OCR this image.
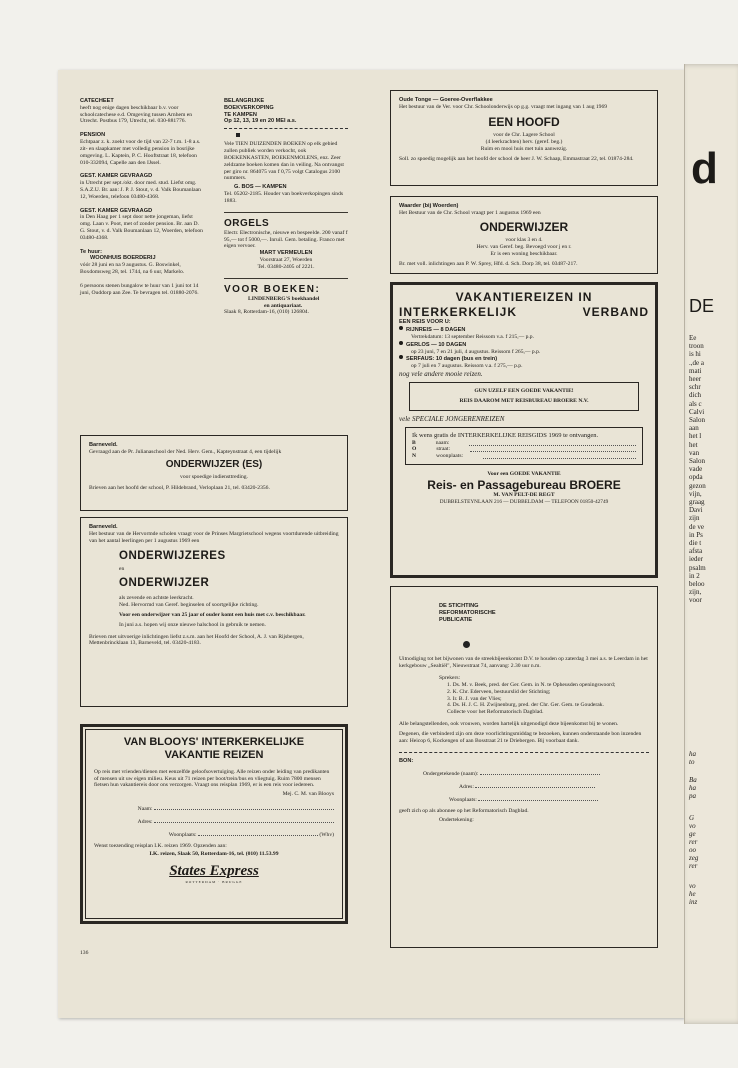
CATECHEET
heeft nog enige dagen beschikbaar b.v. voor schoolcatechese e.d. Omgeving tussen Arnhem en Utrecht. Postbus 179, Utrecht, tel. 030-881776.
PENSION
Echtpaar z. k. zoekt voor de tijd van 22-7 t.m. 1-8 a.s. zit- en slaapkamer met volledig pension in bosrijke omgeving. L. Kaptein, P. C. Hooftstraat 18, telefoon 010-332094, Capelle aan den IJssel.
GEST. KAMER GEVRAAGD
in Utrecht per sept./okt. door med. stud. Liefst omg. S.A.Z.U. Br. aan: J. P. J. Stout, v. d. Valk Boumanlaan 12, Woerden, telefoon 03480-4368.
GEST. KAMER GEVRAAGD
in Den Haag per 1 sept door nette jongeman, liefst omg. Laan v. Poot, met of zonder pension. Br. aan D. G. Stout, v. d. Valk Boumanlaan 12, Woerden, telefoon 03480-4368.
Te huur:
WOONHUIS BOERDERIJ
vóór 28 juni en na 9 augustus. G. Boswinkel, Boxdomsweg 28, tel. 1744, na 6 uur, Markelo.
6 persoons stenen bungalow te huur van 1 juni tot 14 juni, Ouddorp aan Zee. Te bevragen tel. 01880-2076.
BELANGRIJKE
BOEKVERKOPING
TE KAMPEN
Op 12, 13, 19 en 20 MEI a.s.
Vele TIEN DUIZENDEN BOEKEN op elk gebied zullen publiek worden verkocht, ook BOEKENKASTEN, BOEKENMOLENS, enz. Zeer zeldzame boeken komen dan in veiling. Na ontvangst per giro nr. 864075 van f 0,75 volgt Catalogus 2100 nummers.
G. BOS — KAMPEN
Tel. 05202-2185. Houder van boekverkopingen sinds 1883.
ORGELS
Electr. Electronische, nieuwe en bespeelde. 200 vanaf f 95,— tot f 5000,—. Inruil. Gem. betaling. Franco met eigen vervoer.
MART VERMEULEN
Voorstraat 27, Woerden
Tel. 03480-2405 of 2221.
VOOR BOEKEN:
LINDENBERG'S boekhandel
en antiquariaat.
Slaak 8, Rotterdam-16, (010) 126804.
Barneveld.
Gevraagd aan de Pr. Julianaschool der Ned. Herv. Gem., Kapteynstraat 4, een tijdelijk
ONDERWIJZER (ES)
voor spoedige indiensttreding.
Brieven aan het hoofd der school, P. Hildebrand, Verloplaan 21, tel. 03420-2356.
Barneveld.
Het bestuur van de Hervormde scholen vraagt voor de Prinses Margrietschool wegens voortdurende uitbreiding van het aantal leerlingen per 1 augustus 1969 een
ONDERWIJZERES
en
ONDERWIJZER
als zevende en achtste leerkracht.
Ned. Hervormd van Geref. beginselen of soortgelijke richting.
Voor een onderwijzer van 25 jaar of ouder komt een huis met c.v. beschikbaar.
In juni a.s. hopen wij onze nieuwe halschool in gebruik te nemen.
Brieven met uitvoerige inlichtingen liefst z.s.m. aan het Hoofd der School, A. J. van Rijsbergen, Mettenbrincklaan 13, Barneveld, tel. 03420-4183.
VAN BLOOYS' INTERKERKELIJKE
VAKANTIE REIZEN
Op reis met vrienden/dienen met eenzelfde geloofsovertuiging. Alle reizen onder leiding van predikanten of mensen uit uw eigen milieu. Keus uit 71 reizen per boot/trein/bus en vliegtuig. Ruim 7800 mensen fietsen hun vakantiereis door ons verzorgen. Vraagt ons reisplan 1969, er is een reis voor iedereen.
Mej. C. M. van Blooys
Naam:
Adres:
Woonplaats:	(Whv)
Wenst toezending reisplan I.K. reizen 1969. Opzenden aan:
I.K. reizen, Slaak 50, Rotterdam-16, tel. (010) 11.53.99
States Express
ROTTERDAM · BRUGGE
136
Oude Tonge — Goeree-Overflakkee
Het bestuur van de Ver. voor Chr. Schoolonderwijs op g.g. vraagt met ingang van 1 aug 1969
EEN HOOFD
voor de Chr. Lagere School
(4 leerkrachten) herv. (geref. beg.)
Ruim en mooi huis met tuin aanwezig.
Soll. zo spoedig mogelijk aan het hoofd der school de heer J. W. Schaap, Emmastraat 22, tel. 01874-284.
Waarder (bij Woerden)
Het Bestuur van de Chr. School vraagt per 1 augustus 1969 een
ONDERWIJZER
voor klas 3 en 4.
Herv. van Geref. beg. Bevoegd voor j en r.
Er is een woning beschikbaar.
Br. met voll. inlichtingen aan P. W. Sprey, Hfd. d. Sch. Dorp 38, tel. 03487-217.
VAKANTIEREIZEN IN
INTERKERKELIJK	VERBAND
EEN REIS VOOR U:
RIJNREIS — 8 DAGEN
Vertrekdatum: 13 september Reissom v.a. f 215,— p.p.
GERLOS — 10 DAGEN
op 23 juni, 7 en 21 juli, 4 augustus. Reissom f 265,— p.p.
SERFAUS: 10 dagen (bus en trein)
op 7 juli en 7 augustus. Reissom v.a. f 275,— p.p.
nog vele andere mooie reizen.
GUN UZELF EEN GOEDE VAKANTIE!
REIS DAAROM MET REISBUREAU BROERE N.V.
vele SPECIALE JONGERENREIZEN
Ik wens gratis de INTERKERKELIJKE REISGIDS 1969 te ontvangen.
B	naam:
O	straat:
N	woonplaats:
Voor een GOEDE VAKANTIE
Reis- en Passagebureau BROERE
M. VAN PELT-DE REGT
DUBBELSTEYNLAAN 216 — DUBBELDAM — TELEFOON 01850-42749
DE STICHTING
REFORMATORISCHE
PUBLICATIE
Uitnodiging tot het bijwonen van de streekbijeenkomst D.V. te houden op zaterdag 3 mei a.s. te Leerdam in het kerkgebouw „Sealtiël", Nieuwstraat 74, aanvang: 2.30 uur n.m.
Sprekers:
1. Ds. M. v. Beek, pred. der Ger. Gem. in N. te Opheusden openingswoord;
2. K. Chr. Ederveen, bestuurslid der Stichting;
3. Ir. B. J. van der Vlies;
4. Ds. H. J. C. H. Zwijnenburg, pred. der Chr. Ger. Gem. te Gouderak.
Collecte voor het Reformatorisch Dagblad.
Alle belangstellenden, ook vrouwen, worden hartelijk uitgenodigd deze bijeenkomst bij te wonen.
Degenen, die verbinderd zijn om deze voorlichtingsmiddag te bezoeken, kunnen onderstaande bon inzenden aan: Heicop 6, Kockengen of aan Bosstraat 21 te Driebergen. Bij voorbaat dank.
BON:
Ondergetekende (naam):
Adres:
Woonplaats:
geeft zich op als abonnee op het Reformatorisch Dagblad.
Ondertekening:
d
DE
Ee
troon
is hi
.,de a
mati
heer
schr
dich
als c
Calvi
Salon
aan
het l
het
van
Salon
vade
opda
gezon
vijn,
graag
Davi
zijn
de ve
in Ps
die t
afsta
ieder
psalm
in 2
beloo
zijn,
voor
ha
to
Ba
ha
pa
G
vo
ge
rer
oo
zeg
rer
vo
he
inz
